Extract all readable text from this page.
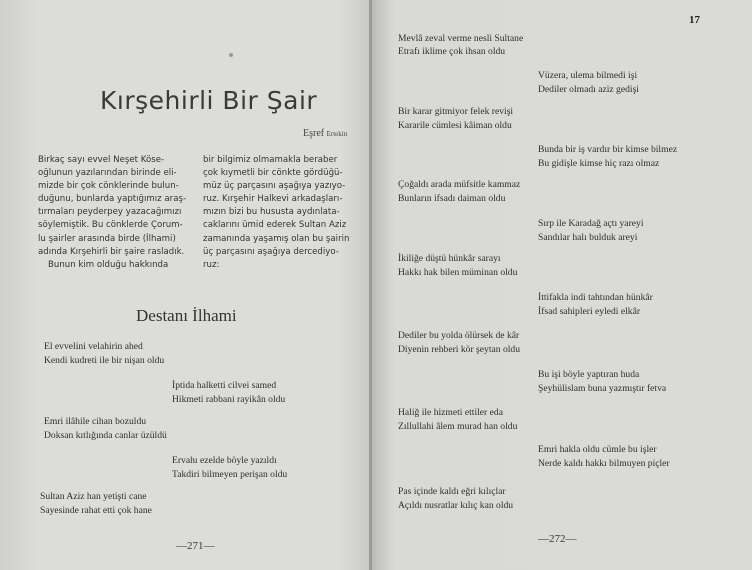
Kırşehirli Bir Şair
Eşref Ertekin
Birkaç sayı evvel Neşet Köse-
oğlunun yazılarından birinde eli-
mizde bir çok cönklerinde bulun-
duğunu, bunlarda yaptığımız araş-
tırmaları peyderpey yazacağımızı
söylemiştik. Bu cönklerde Çorum-
lu şairler arasında birde (İlhami)
adında Kırşehirli bir şaire rasladık.
Bunun kim olduğu hakkında
bir bilgimiz olmamakla beraber
çok kıymetli bir cönkte gördüğü-
müz üç parçasını aşağıya yazıyo-
ruz. Kırşehir Halkevi arkadaşları-
mızın bizi bu hususta aydınlata-
caklarını ümid ederek Sultan Aziz
zamanında yaşamış olan bu şairin
üç parçasını aşağıya dercediyo-
ruz:
Destanı İlhami
El evvelini velahirin ahed
Kendi kudreti ile bir nişan oldu
İptida halketti cilvei samed
Hikmeti rabbani rayikân oldu
Emri ilâhile cihan bozuldu
Doksan kıtlığında canlar üzüldü
Ervahı ezelde böyle yazıldı
Takdiri bilmeyen perişan oldu
Sultan Aziz han yetişti cane
Sayesinde rahat etti çok hane
—271—
17
Mevlâ zeval verme nesli Sultane
Etrafı iklime çok ihsan oldu
Vüzera, ulema bilmedi işi
Dediler olmadı aziz gedişi
Bir karar gitmiyor felek revişi
Kararile cümlesi kâiman oldu
Bunda bir iş vardır bir kimse bilmez
Bu gidişle kimse hiç razı olmaz
Çoğaldı arada müfsitle kammaz
Bunların ifsadı daiman oldu
Sırp ile Karadağ açtı yareyi
Sandılar halı bulduk areyi
İkiliğe düştü hünkâr sarayı
Hakkı hak bilen müminan oldu
İttifakla indi tahtından hünkâr
İfsad sahipleri eyledi elkâr
Dediler bu yolda ölürsek de kâr
Diyenin rehberi kör şeytan oldu
Bu işi böyle yaptıran huda
Şeyhülislam buna yazmıştır fetva
Haliğ ile hizmeti ettiler eda
Zıllullahi âlem murad han oldu
Emri hakla oldu cümle bu işler
Nerde kaldı hakkı bilmuyen piçler
Pas içinde kaldı eğri kılıçlar
Açıldı nusratlar kılıç kan oldu
—272—
